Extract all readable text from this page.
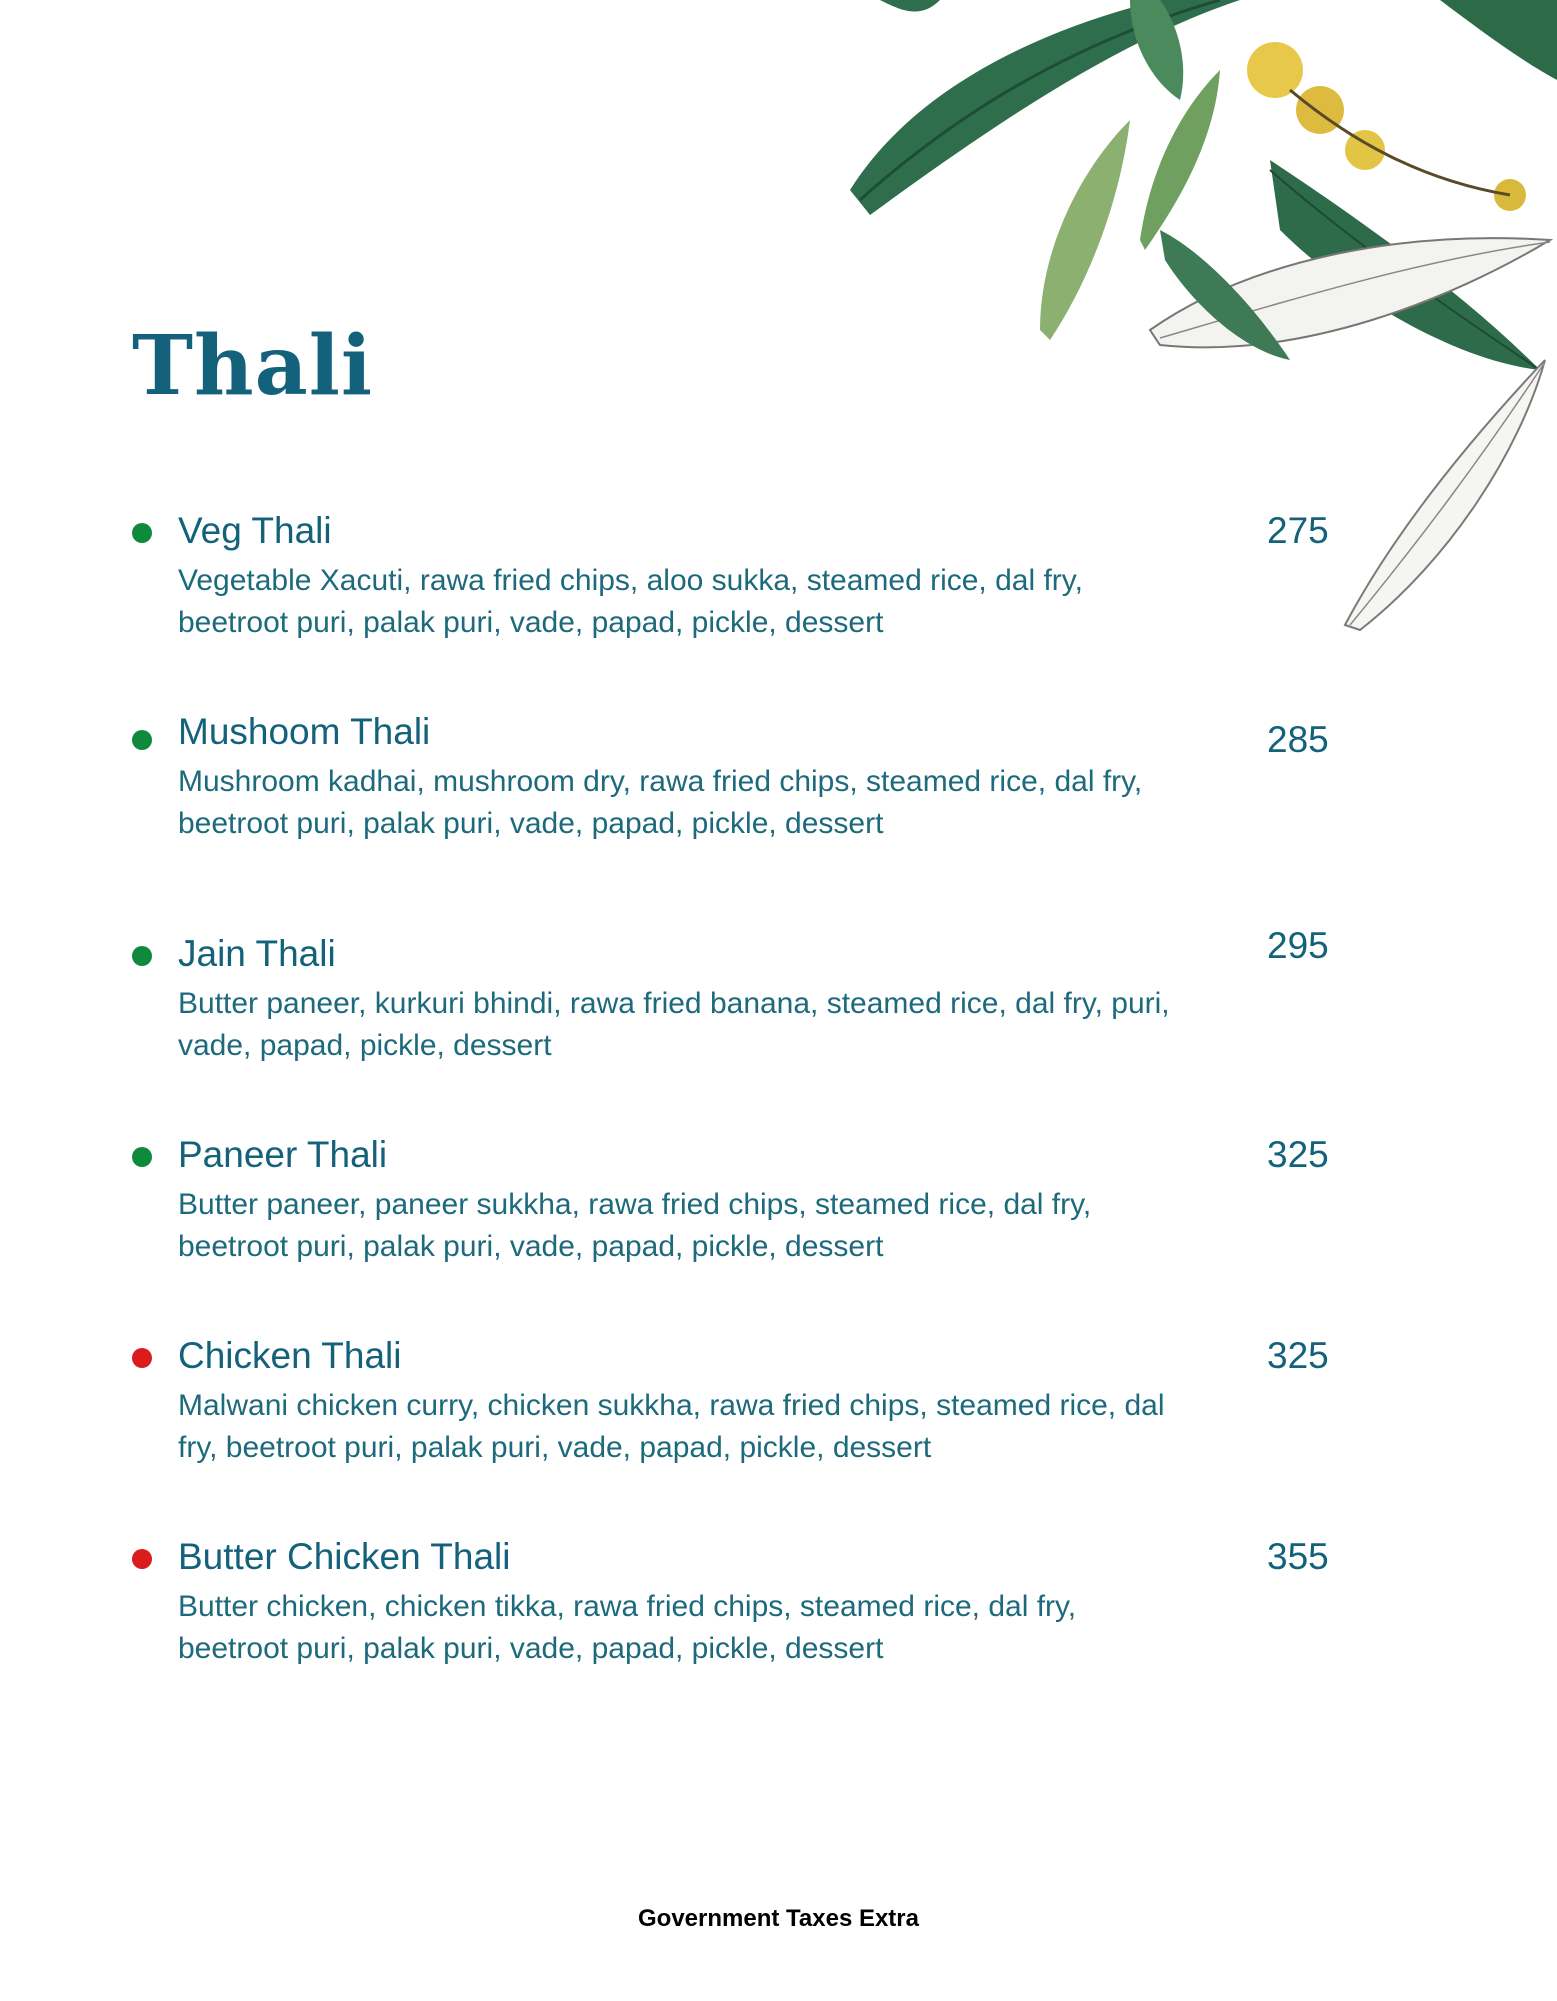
Thali
Veg Thali
Vegetable Xacuti, rawa fried chips, aloo sukka, steamed rice, dal fry, beetroot puri, palak puri, vade, papad, pickle, dessert
275
Mushoom Thali
Mushroom kadhai, mushroom dry, rawa fried chips, steamed rice, dal fry, beetroot puri, palak puri, vade, papad, pickle, dessert
285
Jain Thali
Butter paneer, kurkuri bhindi, rawa fried banana, steamed rice, dal fry, puri, vade, papad, pickle, dessert
295
Paneer Thali
Butter paneer, paneer sukkha, rawa fried chips, steamed rice, dal fry, beetroot puri, palak puri, vade, papad, pickle, dessert
325
Chicken Thali
Malwani chicken curry, chicken sukkha, rawa fried chips, steamed rice, dal fry, beetroot puri, palak puri, vade, papad, pickle, dessert
325
Butter Chicken Thali
Butter chicken, chicken tikka, rawa fried chips, steamed rice, dal fry, beetroot puri, palak puri, vade, papad, pickle, dessert
355
Government Taxes Extra
